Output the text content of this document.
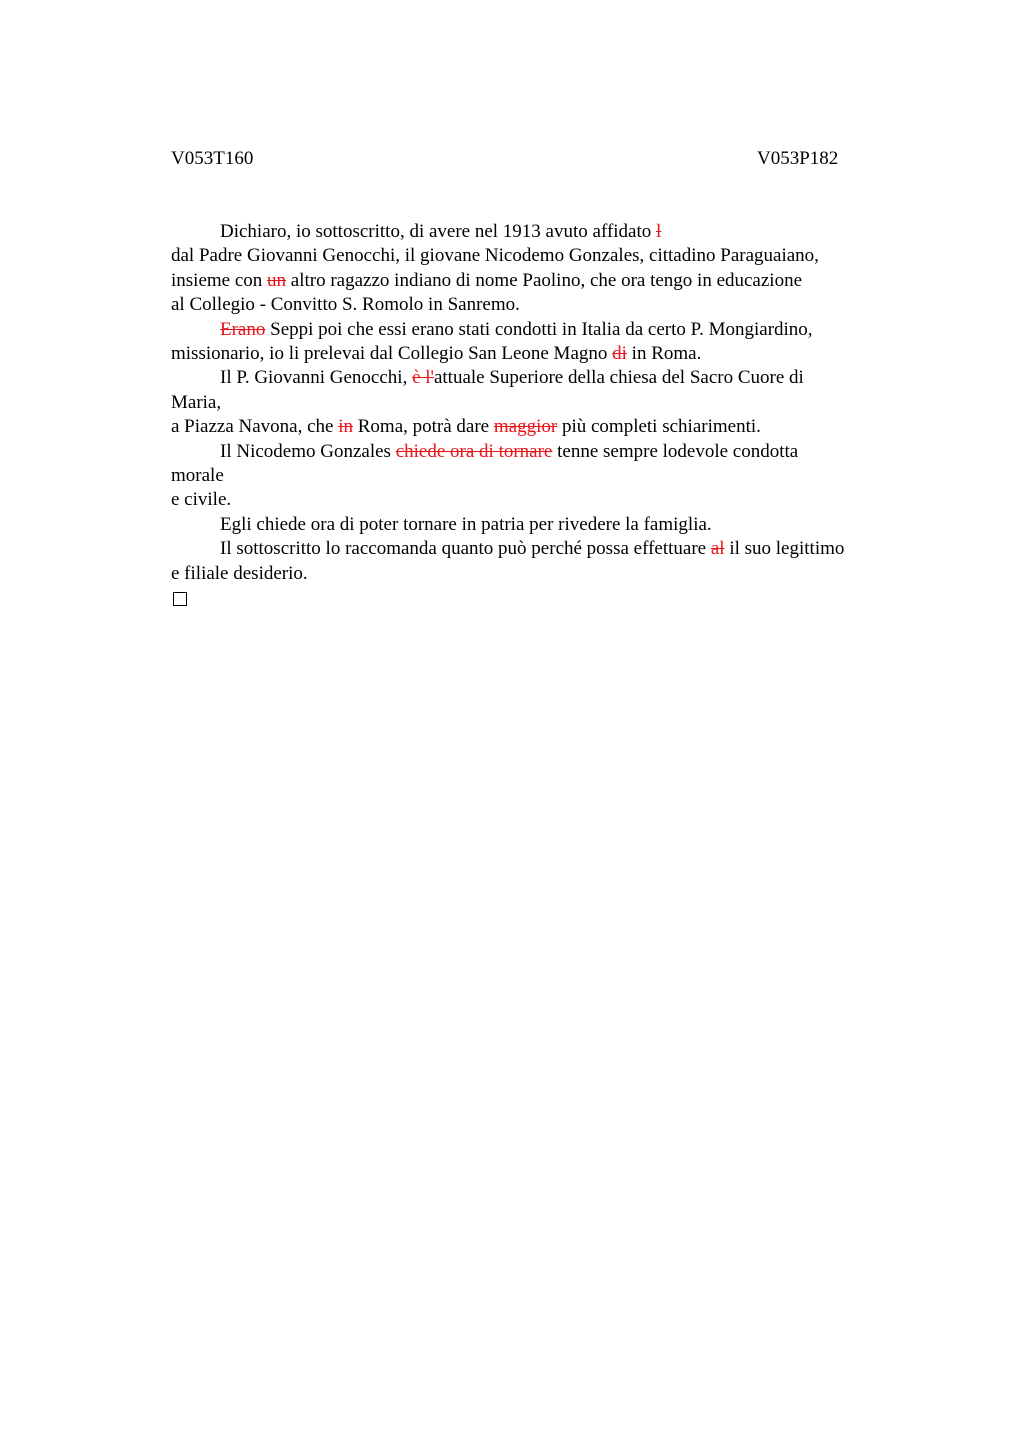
V053T160	V053P182
Dichiaro, io sottoscritto, di avere nel 1913 avuto affidato l
dal Padre Giovanni Genocchi, il giovane Nicodemo Gonzales, cittadino Paraguaiano,
insieme con un altro ragazzo indiano di nome Paolino, che ora tengo in educazione
al Collegio - Convitto S. Romolo in Sanremo.
Erano Seppi poi che essi erano stati condotti in Italia da certo P. Mongiardino,
missionario, io li prelevai dal Collegio San Leone Magno di in Roma.
Il P. Giovanni Genocchi, è l'attuale Superiore della chiesa del Sacro Cuore di
Maria,
a Piazza Navona, che in Roma, potrà dare maggior più completi schiarimenti.
Il Nicodemo Gonzales chiede ora di tornare tenne sempre lodevole condotta
morale
e civile.
Egli chiede ora di poter tornare in patria per rivedere la famiglia.
Il sottoscritto lo raccomanda quanto può perché possa effettuare al il suo legittimo
e filiale desiderio.
